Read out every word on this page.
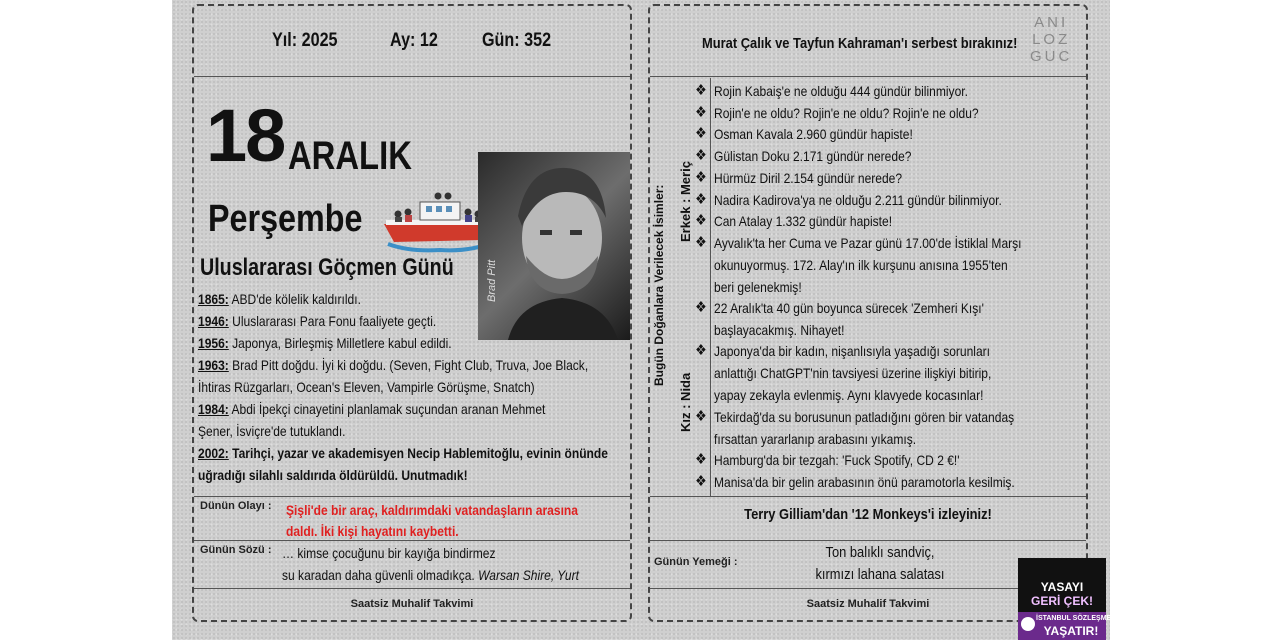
Yıl: 2025	Ay: 12 Gün: 352
18 ARALIK
Perşembe
Uluslararası Göçmen Günü	Brad Pitt
1865: ABD'de kölelik kaldırıldı.
1946: Uluslararası Para Fonu faaliyete geçti.
1956: Japonya, Birleşmiş Milletlere kabul edildi.
1963: Brad Pitt doğdu. İyi ki doğdu. (Seven, Fight Club, Truva, Joe Black,
İhtiras Rüzgarları, Ocean's Eleven, Vampirle Görüşme, Snatch)
1984: Abdi İpekçi cinayetini planlamak suçundan aranan Mehmet
Şener, İsviçre'de tutuklandı.
2002: Tarihçi, yazar ve akademisyen Necip Hablemitoğlu, evinin önünde
uğradığı silahlı saldırıda öldürüldü. Unutmadık!
Dünün Olayı : Şişli'de bir araç, kaldırımdaki vatandaşların arasına
daldı. İki kişi hayatını kaybetti.
Günün Sözü : … kimse çocuğunu bir kayığa bindirmez
su karadan daha güvenli olmadıkça. Warsan Shire, Yurt
Saatsiz Muhalif Takvimi
Murat Çalık ve Tayfun Kahraman'ı serbest bırakınız!
ANI
LOZ
GUC
Bugün Doğanlara Verilecek İsimler: Erkek : Meriç
Kız : Nida
Terry Gilliam'dan '12 Monkeys'i izleyiniz!
Günün Yemeği :
Ton balıklı sandviç,
kırmızı lahana salatası
Saatsiz Muhalif Takvimi
❖ Rojin Kabaiş'e ne olduğu 444 gündür bilinmiyor.
❖ Rojin'e ne oldu? Rojin'e ne oldu? Rojin'e ne oldu?
❖ Osman Kavala 2.960 gündür hapiste!
❖ Gülistan Doku 2.171 gündür nerede?
❖ Hürmüz Diril 2.154 gündür nerede?
❖ Nadira Kadirova'ya ne olduğu 2.211 gündür bilinmiyor.
❖ Can Atalay 1.332 gündür hapiste!
❖ Ayvalık'ta her Cuma ve Pazar günü 17.00'de İstiklal Marşı
okunuyormuş. 172. Alay'ın ilk kurşunu anısına 1955'ten
beri gelenekmiş!
❖ 22 Aralık'ta 40 gün boyunca sürecek 'Zemheri Kışı'
başlayacakmış. Nihayet!
❖ Japonya'da bir kadın, nişanlısıyla yaşadığı sorunları
anlattığı ChatGPT'nin tavsiyesi üzerine ilişkiyi bitirip,
yapay zekayla evlenmiş. Aynı klavyede kocasınlar!
❖ Tekirdağ'da su borusunun patladığını gören bir vatandaş
fırsattan yararlanıp arabasını yıkamış.
❖ Hamburg'da bir tezgah: 'Fuck Spotify, CD 2 €!'
❖ Manisa'da bir gelin arabasının önü paramotorla kesilmiş.
YASAYI
GERİ ÇEK!
İSTANBUL SÖZLEŞMESİ
YAŞATIR!
